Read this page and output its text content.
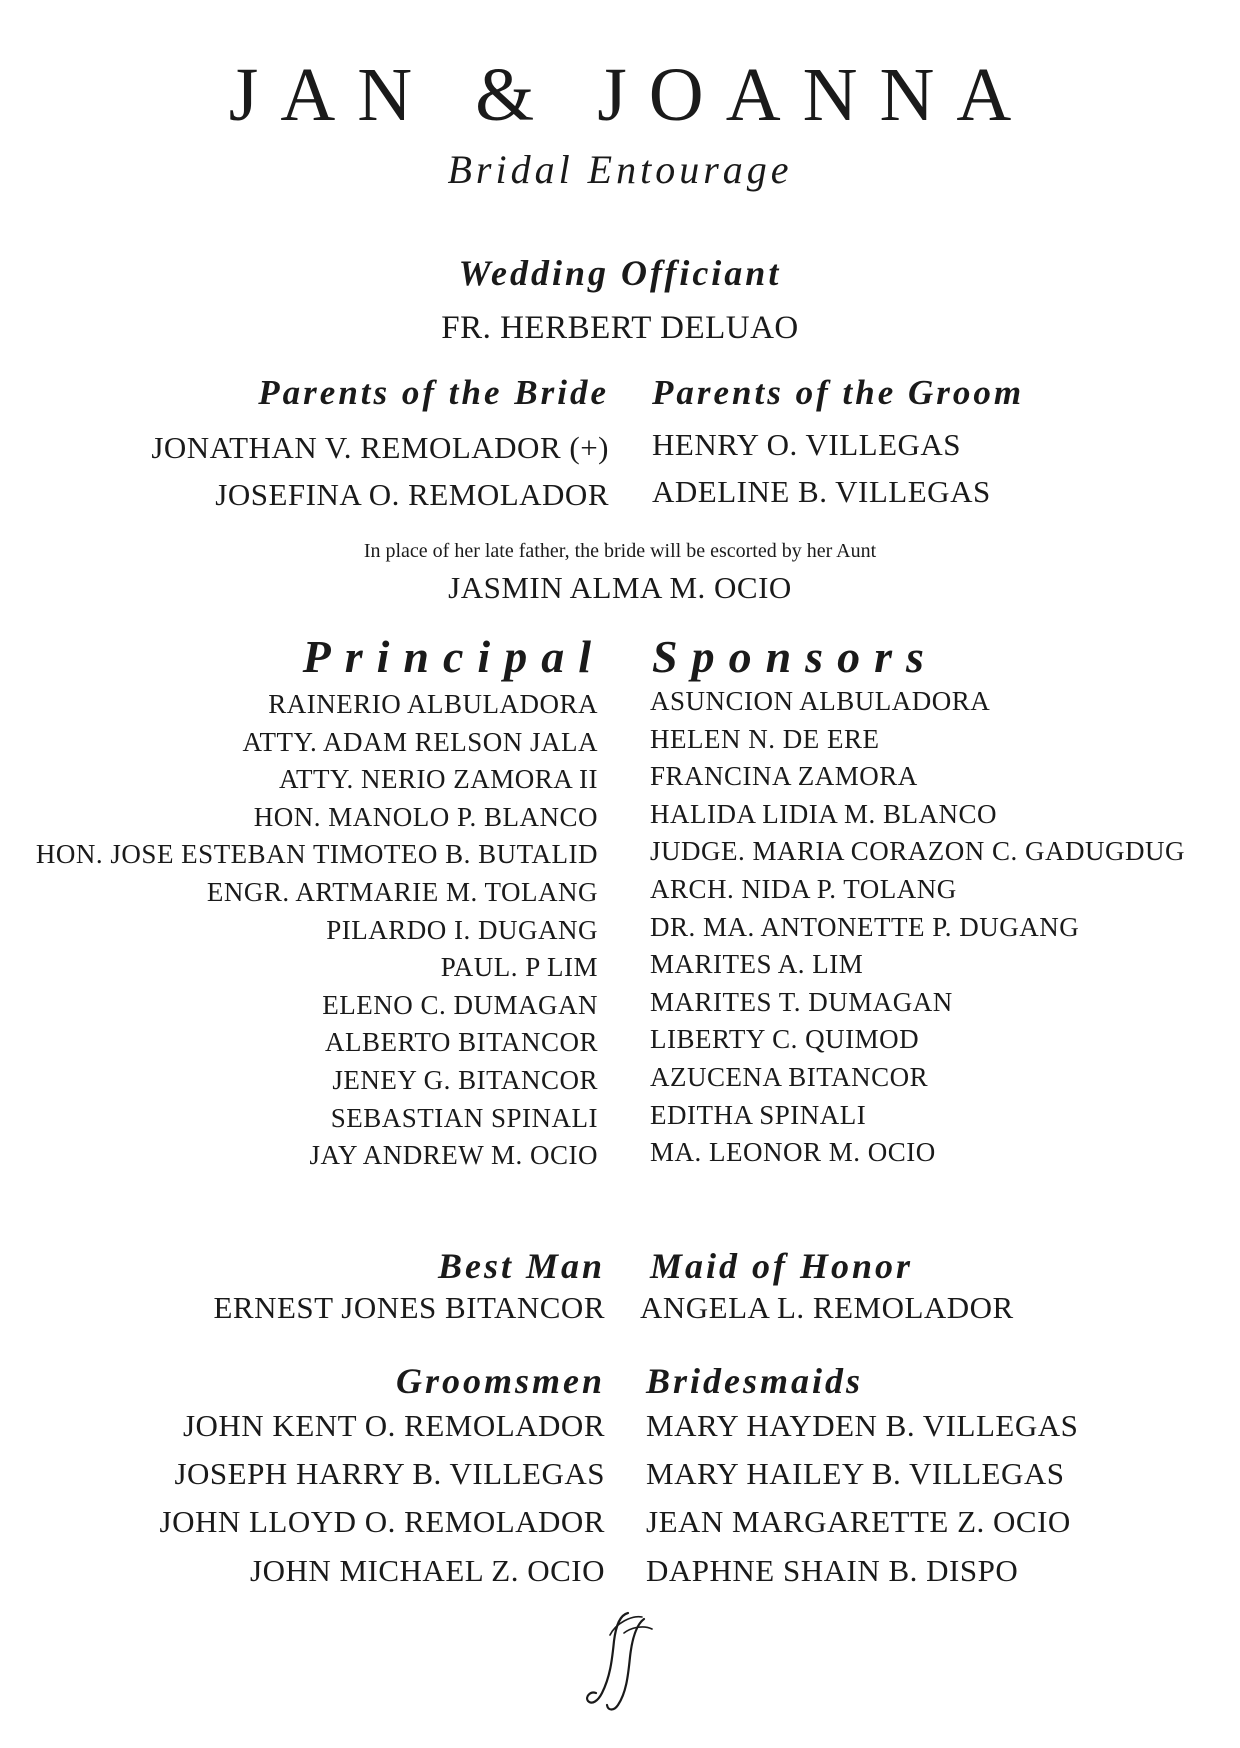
JAN & JOANNA
Bridal Entourage
Wedding Officiant
FR. HERBERT DELUAO
Parents of the Bride Parents of the Groom
JONATHAN V. REMOLADOR (+)
JOSEFINA O. REMOLADOR
HENRY O. VILLEGAS
ADELINE B. VILLEGAS
In place of her late father, the bride will be escorted by her Aunt
JASMIN ALMA M. OCIO
Principal Sponsors
RAINERIO ALBULADORA
ATTY. ADAM RELSON JALA
ATTY. NERIO ZAMORA II
HON. MANOLO P. BLANCO
HON. JOSE ESTEBAN TIMOTEO B. BUTALID
ENGR. ARTMARIE M. TOLANG
PILARDO I. DUGANG
PAUL. P LIM
ELENO C. DUMAGAN
ALBERTO BITANCOR
JENEY G. BITANCOR
SEBASTIAN SPINALI
JAY ANDREW M. OCIO
ASUNCION ALBULADORA
HELEN N. DE ERE
FRANCINA ZAMORA
HALIDA LIDIA M. BLANCO
JUDGE. MARIA CORAZON C. GADUGDUG
ARCH. NIDA P. TOLANG
DR. MA. ANTONETTE P. DUGANG
MARITES A. LIM
MARITES T. DUMAGAN
LIBERTY C. QUIMOD
AZUCENA BITANCOR
EDITHA SPINALI
MA. LEONOR M. OCIO
Best Man Maid of Honor
ERNEST JONES BITANCOR ANGELA L. REMOLADOR
Groomsmen Bridesmaids
JOHN KENT O. REMOLADOR
JOSEPH HARRY B. VILLEGAS
JOHN LLOYD O. REMOLADOR
JOHN MICHAEL Z. OCIO
MARY HAYDEN B. VILLEGAS
MARY HAILEY B. VILLEGAS
JEAN MARGARETTE Z. OCIO
DAPHNE SHAIN B. DISPO
